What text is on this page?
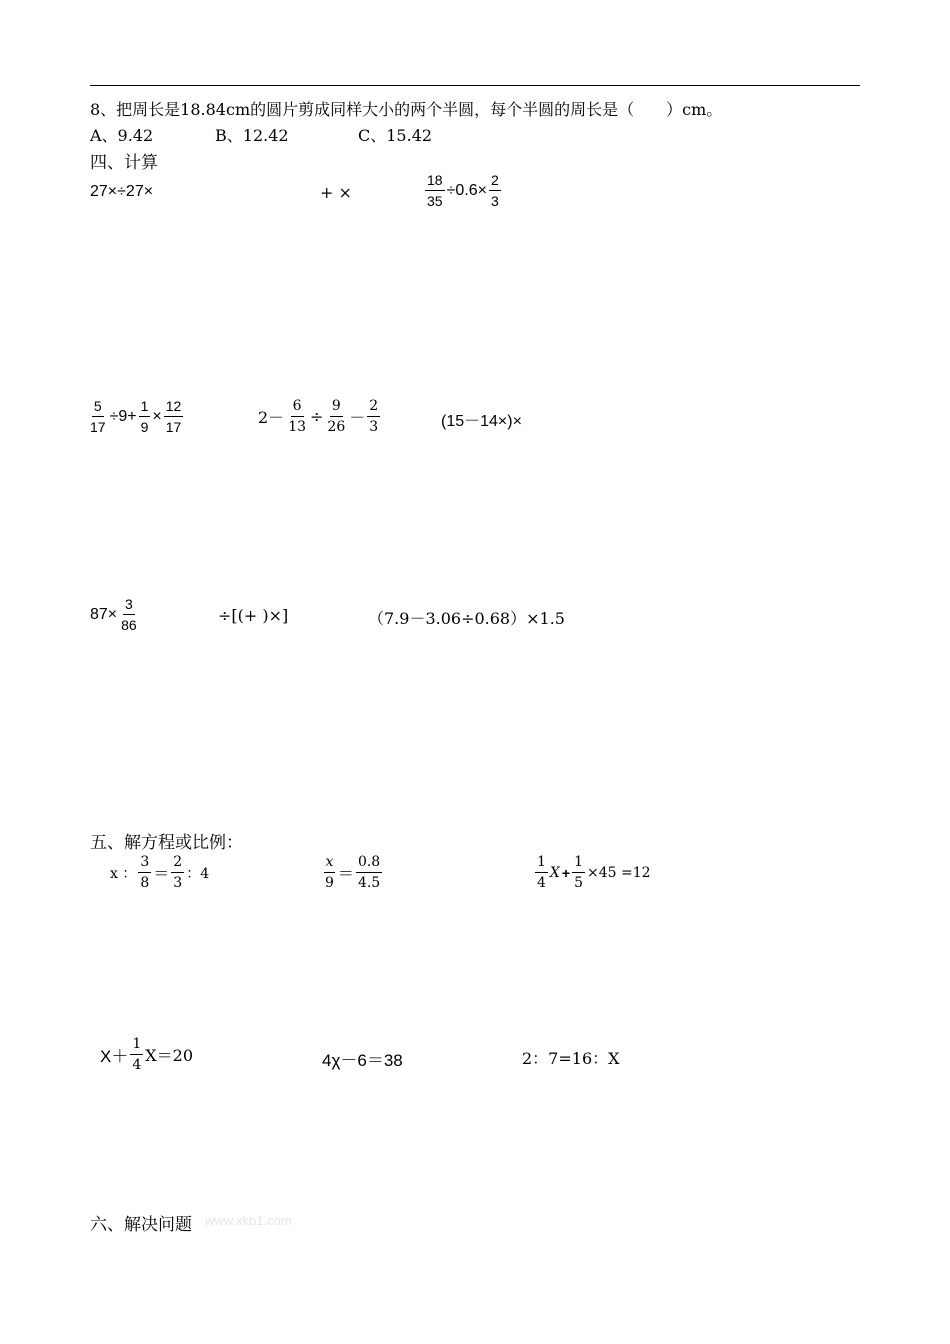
8、把周长是18.84cm的圆片剪成同样大小的两个半圆，每个半圆的周长是（　　）cm。
A、9.42	B、12.42	C、15.42
四、计算
27×÷27×	+ ×	$\frac{18}{35} \div 0.6\times \frac{2}{3}$
$\frac{5}{17} \div 9+ \frac{1}{9} \times \frac{12}{17}$	$2- \frac{6}{13} \div \frac{9}{26} - \frac{2}{3}$	(15－14×)×
$87\times \frac{3}{86}$	÷[(+ )×]	（7.9－3.06÷0.68）×1.5
五、解方程或比例：
x ： $\frac{3}{8} = \frac{2}{3}$ ：4	$\frac{x}{9} = \frac{0.8}{4.5}$	$\frac{1}{4}$ $X + \frac{1}{5} \times 45 =12$
$X+ \frac{1}{4} X=20$	4χ－6＝38	2：7=16：X
六、解决问题 www.xkb1.com
